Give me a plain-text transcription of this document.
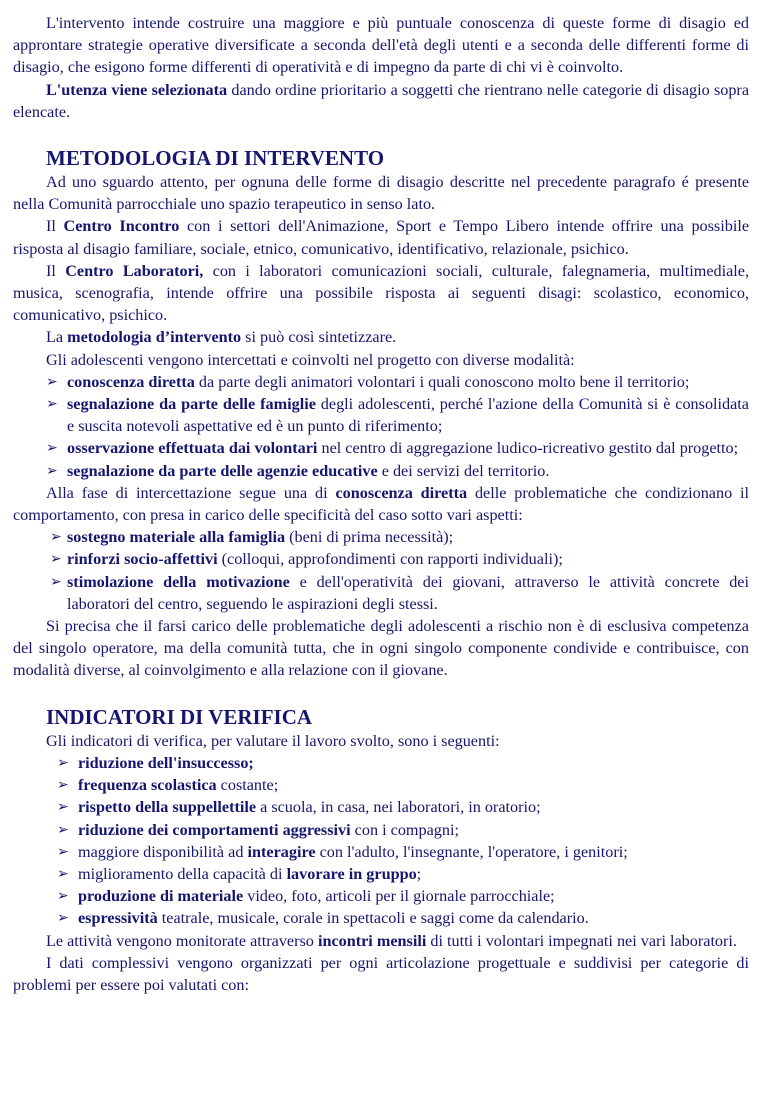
L'intervento intende costruire una maggiore e più puntuale conoscenza di queste forme di disagio ed approntare strategie operative diversificate a seconda dell'età degli utenti e a seconda delle differenti forme di disagio, che esigono forme differenti di operatività e di impegno da parte di chi vi è coinvolto.

L'utenza viene selezionata dando ordine prioritario a soggetti che rientrano nelle categorie di disagio sopra elencate.

METODOLOGIA DI INTERVENTO

Ad uno sguardo attento, per ognuna delle forme di disagio descritte nel precedente paragrafo é presente nella Comunità parrocchiale uno spazio terapeutico in senso lato.

Il Centro Incontro con i settori dell'Animazione, Sport e Tempo Libero intende offrire una possibile risposta al disagio familiare, sociale, etnico, comunicativo, identificativo, relazionale, psichico.

Il Centro Laboratori, con i laboratori comunicazioni sociali, culturale, falegnameria, multimediale, musica, scenografia, intende offrire una possibile risposta ai seguenti disagi: scolastico, economico, comunicativo, psichico.

La metodologia d’intervento si può così sintetizzare.

Gli adolescenti vengono intercettati e coinvolti nel progetto con diverse modalità:

➢ conoscenza diretta da parte degli animatori volontari i quali conoscono molto bene il territorio;
➢ segnalazione da parte delle famiglie degli adolescenti, perché l'azione della Comunità si è consolidata e suscita notevoli aspettative ed è un punto di riferimento;
➢ osservazione effettuata dai volontari nel centro di aggregazione ludico-ricreativo gestito dal progetto;
➢ segnalazione da parte delle agenzie educative e dei servizi del territorio.

Alla fase di intercettazione segue una di conoscenza diretta delle problematiche che condizionano il comportamento, con presa in carico delle specificità del caso sotto vari aspetti:

➢ sostegno materiale alla famiglia (beni di prima necessità);
➢ rinforzi socio-affettivi (colloqui, approfondimenti con rapporti individuali);
➢ stimolazione della motivazione e dell'operatività dei giovani, attraverso le attività concrete dei laboratori del centro, seguendo le aspirazioni degli stessi.

Si precisa che il farsi carico delle problematiche degli adolescenti a rischio non è di esclusiva competenza del singolo operatore, ma della comunità tutta, che in ogni singolo componente condivide e contribuisce, con modalità diverse, al coinvolgimento e alla relazione con il giovane.

INDICATORI DI VERIFICA

Gli indicatori di verifica, per valutare il lavoro svolto, sono i seguenti:

➢ riduzione dell'insuccesso;
➢ frequenza scolastica costante;
➢ rispetto della suppellettile a scuola, in casa, nei laboratori, in oratorio;
➢ riduzione dei comportamenti aggressivi con i compagni;
➢ maggiore disponibilità ad interagire con l'adulto, l'insegnante, l'operatore, i genitori;
➢ miglioramento della capacità di lavorare in gruppo;
➢ produzione di materiale video, foto, articoli per il giornale parrocchiale;
➢ espressività teatrale, musicale, corale in spettacoli e saggi come da calendario.

Le attività vengono monitorate attraverso incontri mensili di tutti i volontari impegnati nei vari laboratori.

I dati complessivi vengono organizzati per ogni articolazione progettuale e suddivisi per categorie di problemi per essere poi valutati con:
